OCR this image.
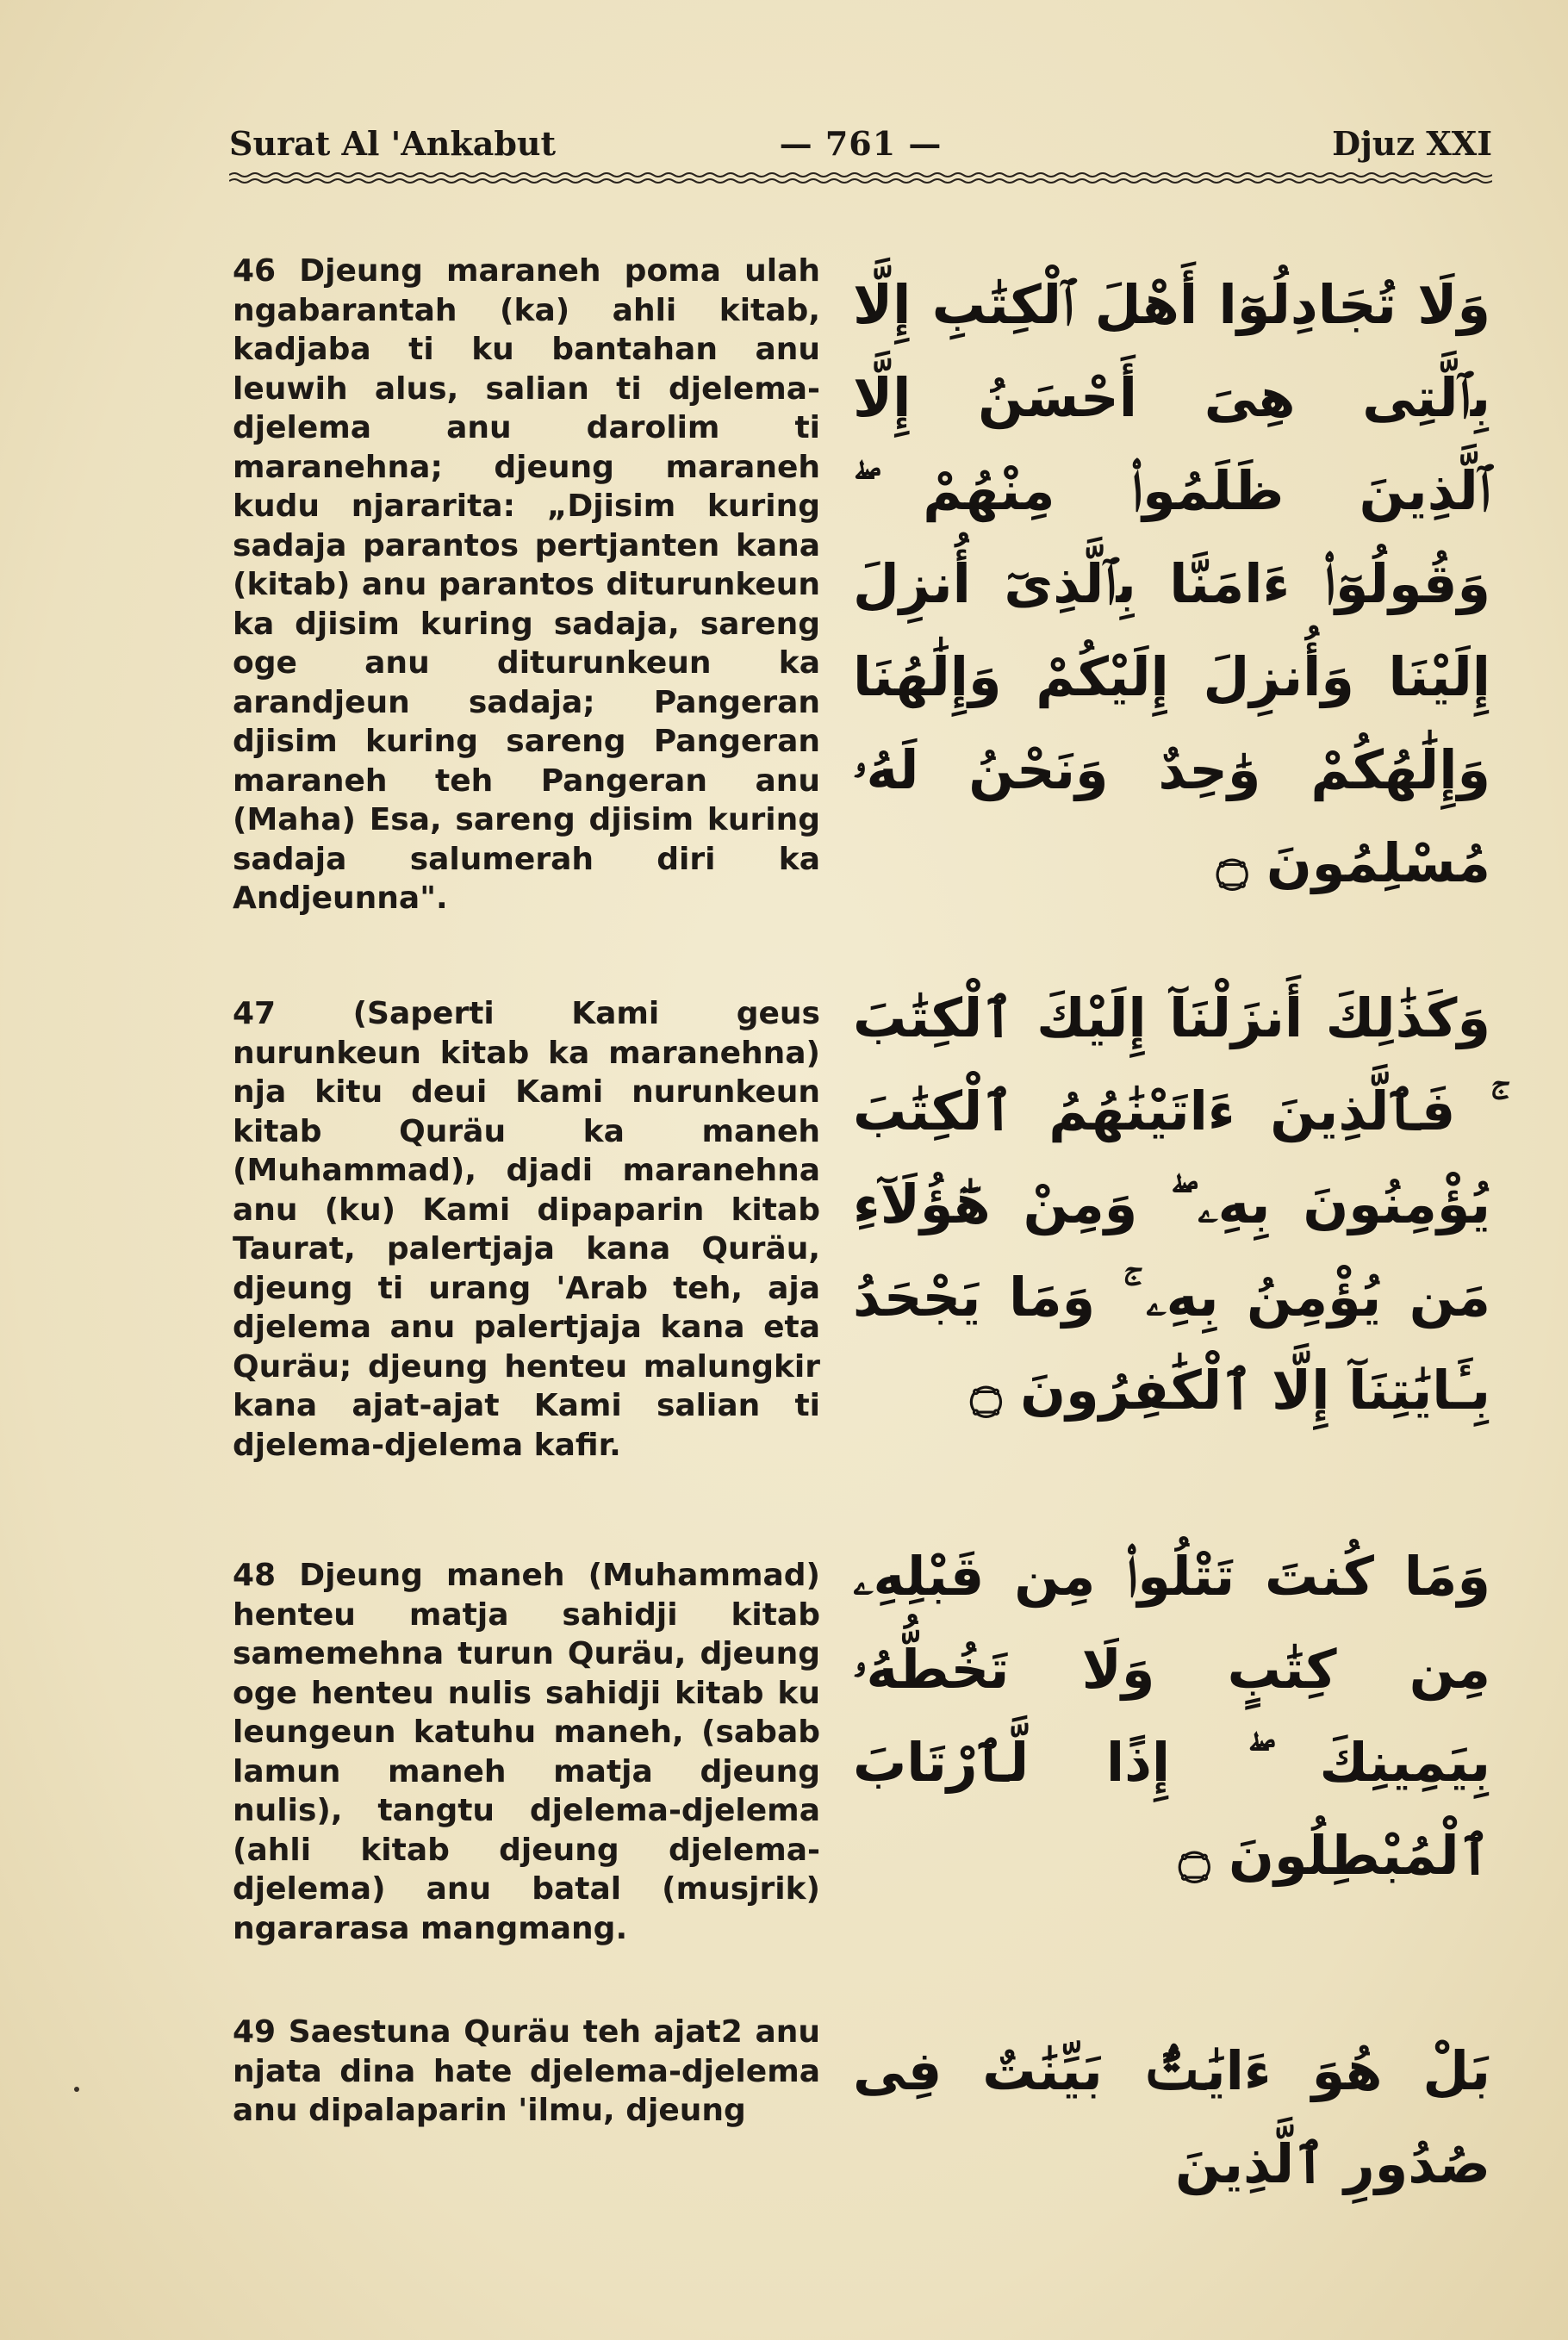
Surat Al 'Ankabut	— 761 —	Djuz XXI
46 Djeung maraneh poma ulah ngabarantah (ka) ahli kitab, kadjaba ti ku bantahan anu leuwih alus, salian ti djelema-djelema anu darolim ti maranehna; djeung maraneh kudu njararita: „Djisim kuring sadaja parantos pertjanten kana (kitab) anu parantos diturunkeun ka djisim kuring sadaja, sareng oge anu diturunkeun ka arandjeun sadaja; Pangeran djisim kuring sareng Pangeran maraneh teh Pangeran anu (Maha) Esa, sareng djisim kuring sadaja salumerah diri ka Andjeunna".
وَلَا تُجَادِلُوٓا أَهْلَ ٱلْكِتَٰبِ إِلَّا بِٱلَّتِى هِىَ أَحْسَنُ إِلَّا ٱلَّذِينَ ظَلَمُوا۟ مِنْهُمْ ۖ وَقُولُوٓا۟ ءَامَنَّا بِٱلَّذِىٓ أُنزِلَ إِلَيْنَا وَأُنزِلَ إِلَيْكُمْ وَإِلَٰهُنَا وَإِلَٰهُكُمْ وَٰحِدٌ وَنَحْنُ لَهُۥ مُسْلِمُونَ ۝
47 (Saperti Kami geus nurunkeun kitab ka maranehna) nja kitu deui Kami nurunkeun kitab Quräu ka maneh (Muhammad), djadi maranehna anu (ku) Kami dipaparin kitab Taurat, palertjaja kana Quräu, djeung ti urang 'Arab teh, aja djelema anu palertjaja kana eta Quräu; djeung henteu malungkir kana ajat-ajat Kami salian ti djelema-djelema kafir.
وَكَذَٰلِكَ أَنزَلْنَآ إِلَيْكَ ٱلْكِتَٰبَ ۚ فَٱلَّذِينَ ءَاتَيْنَٰهُمُ ٱلْكِتَٰبَ يُؤْمِنُونَ بِهِۦ ۖ وَمِنْ هَٰٓؤُلَآءِ مَن يُؤْمِنُ بِهِۦ ۚ وَمَا يَجْحَدُ بِـَٔايَٰتِنَآ إِلَّا ٱلْكَٰفِرُونَ ۝
48 Djeung maneh (Muhammad) henteu matja sahidji kitab samemehna turun Quräu, djeung oge henteu nulis sahidji kitab ku leungeun katuhu maneh, (sabab lamun maneh matja djeung nulis), tangtu djelema-djelema (ahli kitab djeung djelema-djelema) anu batal (musjrik) ngararasa mangmang.
وَمَا كُنتَ تَتْلُوا۟ مِن قَبْلِهِۦ مِن كِتَٰبٍ وَلَا تَخُطُّهُۥ بِيَمِينِكَ ۖ إِذًا لَّٱرْتَابَ ٱلْمُبْطِلُونَ ۝
49 Saestuna Quräu teh ajat2 anu njata dina hate djelema-djelema anu dipalaparin 'ilmu, djeung
بَلْ هُوَ ءَايَٰتٌۢ بَيِّنَٰتٌ فِى صُدُورِ ٱلَّذِينَ
